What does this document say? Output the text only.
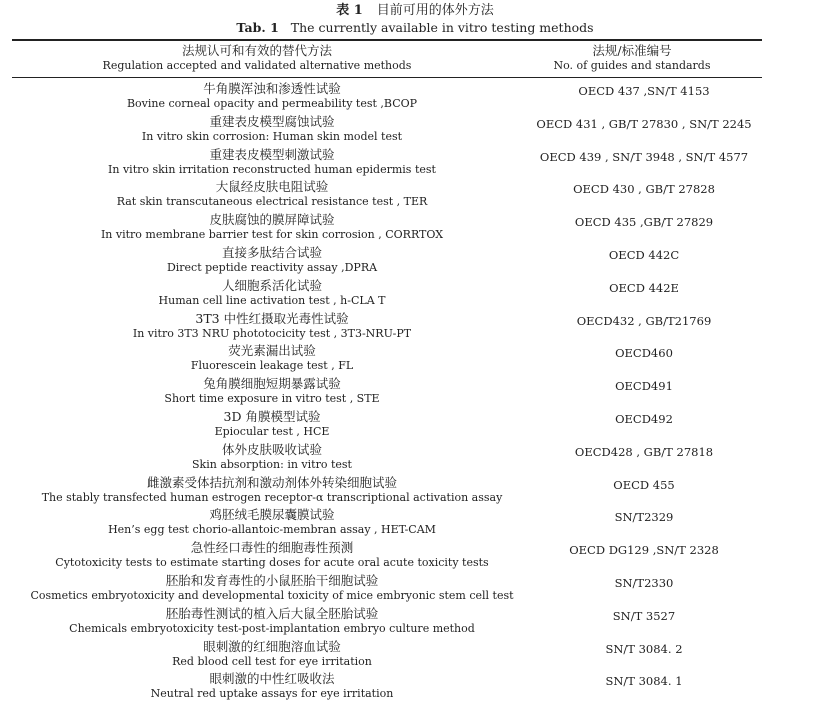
表 1 目前可用的体外方法
Tab. 1 The currently available in vitro testing methods
法规认可和有效的替代方法
Regulation accepted and validated alternative methods
法规/标准编号
No. of guides and standards
牛角膜浑浊和渗透性试验
Bovine corneal opacity and permeability test ,BCOP
OECD 437 ,SN/T 4153
重建表皮模型腐蚀试验
In vitro skin corrosion: Human skin model test
OECD 431 , GB/T 27830 , SN/T 2245
重建表皮模型刺激试验
In vitro skin irritation reconstructed human epidermis test
OECD 439 , SN/T 3948 , SN/T 4577
大鼠经皮肤电阻试验
Rat skin transcutaneous electrical resistance test , TER
OECD 430 , GB/T 27828
皮肤腐蚀的膜屏障试验
In vitro membrane barrier test for skin corrosion , CORRTOX
OECD 435 ,GB/T 27829
直接多肽结合试验
Direct peptide reactivity assay ,DPRA
OECD 442C
人细胞系活化试验
Human cell line activation test , h-CLA T
OECD 442E
3T3 中性红摄取光毒性试验
In vitro 3T3 NRU phototocicity test , 3T3-NRU-PT
OECD432 , GB/T21769
荧光素漏出试验
Fluorescein leakage test , FL
OECD460
兔角膜细胞短期暴露试验
Short time exposure in vitro test , STE
OECD491
3D 角膜模型试验
Epiocular test , HCE
OECD492
体外皮肤吸收试验
Skin absorption: in vitro test
OECD428 , GB/T 27818
雌激素受体拮抗剂和激动剂体外转染细胞试验
The stably transfected human estrogen receptor-α transcriptional activation assay
OECD 455
鸡胚绒毛膜尿囊膜试验
Hen’s egg test chorio-allantoic-membran assay , HET-CAM
SN/T2329
急性经口毒性的细胞毒性预测
Cytotoxicity tests to estimate starting doses for acute oral acute toxicity tests
OECD DG129 ,SN/T 2328
胚胎和发育毒性的小鼠胚胎干细胞试验
Cosmetics embryotoxicity and developmental toxicity of mice embryonic stem cell test
SN/T2330
胚胎毒性测试的植入后大鼠全胚胎试验
Chemicals embryotoxicity test-post-implantation embryo culture method
SN/T 3527
眼刺激的红细胞溶血试验
Red blood cell test for eye irritation
SN/T 3084. 2
眼刺激的中性红吸收法
Neutral red uptake assays for eye irritation
SN/T 3084. 1
